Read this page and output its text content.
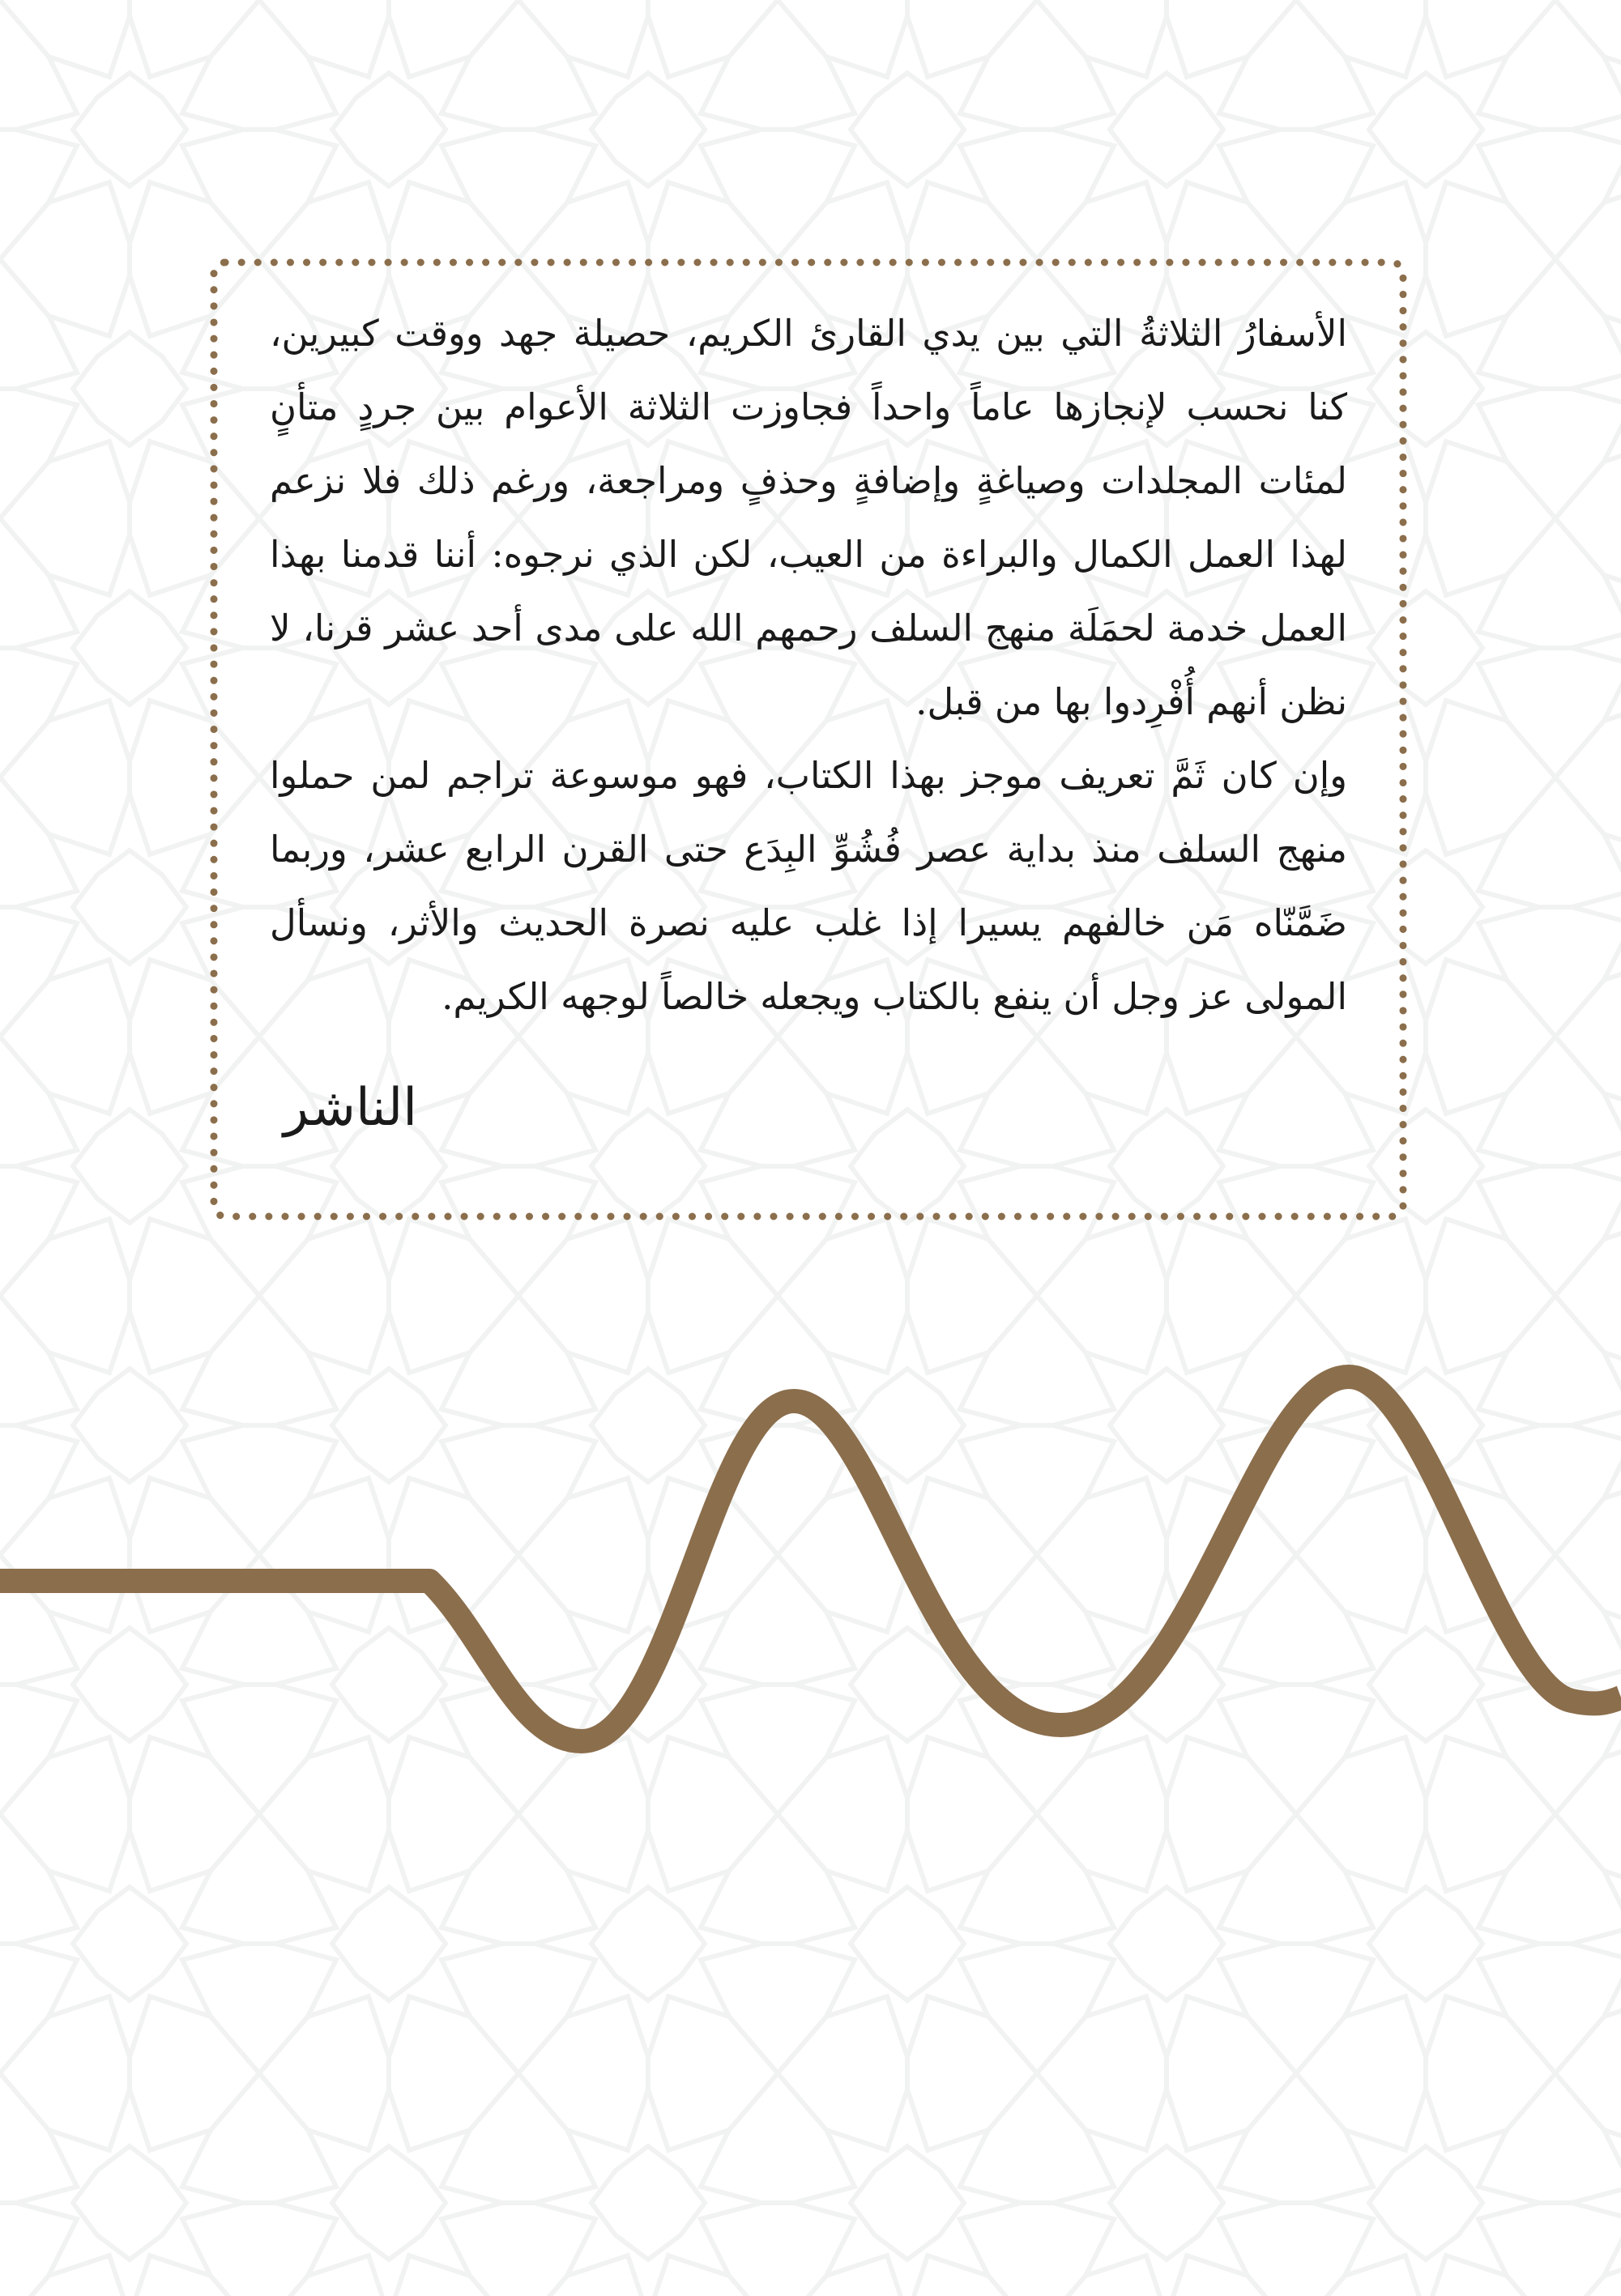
الأسفارُ الثلاثةُ التي بين يدي القارئ الكريم، حصيلة جهد ووقت كبيرين، كنا نحسب لإنجازها عاماً واحداً فجاوزت الثلاثة الأعوام بين جردٍ متأنٍ لمئات المجلدات وصياغةٍ وإضافةٍ وحذفٍ ومراجعة، ورغم ذلك فلا نزعم لهذا العمل الكمال والبراءة من العيب، لكن الذي نرجوه: أننا قدمنا بهذا العمل خدمة لحمَلَة منهج السلف رحمهم الله على مدى أحد عشر قرنا، لا نظن أنهم أُفْرِدوا بها من قبل.

وإن كان ثَمَّ تعريف موجز بهذا الكتاب، فهو موسوعة تراجم لمن حملوا منهج السلف منذ بداية عصر فُشُوِّ البِدَع حتى القرن الرابع عشر، وربما ضَمَّنّاه مَن خالفهم يسيرا إذا غلب عليه نصرة الحديث والأثر، ونسأل المولى عز وجل أن ينفع بالكتاب ويجعله خالصاً لوجهه الكريم.

الناشر
